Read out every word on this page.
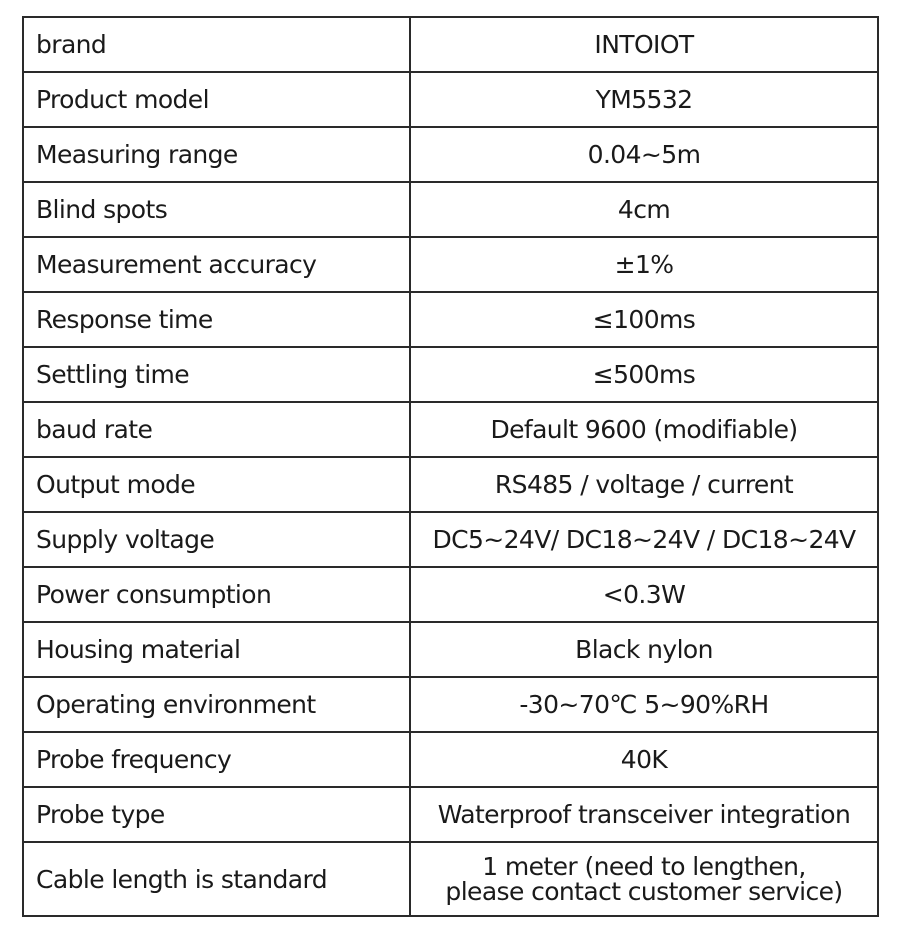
brand	INTOIOT
Product model	YM5532
Measuring range	0.04~5m
Blind spots	4cm
Measurement accuracy	±1%
Response time	≤100ms
Settling time	≤500ms
baud rate	Default 9600 (modifiable)
Output mode	RS485 / voltage / current
Supply voltage	DC5~24V/ DC18~24V / DC18~24V
Power consumption	<0.3W
Housing material	Black nylon
Operating environment	-30~70℃ 5~90%RH
Probe frequency	40K
Probe type	Waterproof transceiver integration
Cable length is standard	1 meter (need to lengthen,
please contact customer service)
